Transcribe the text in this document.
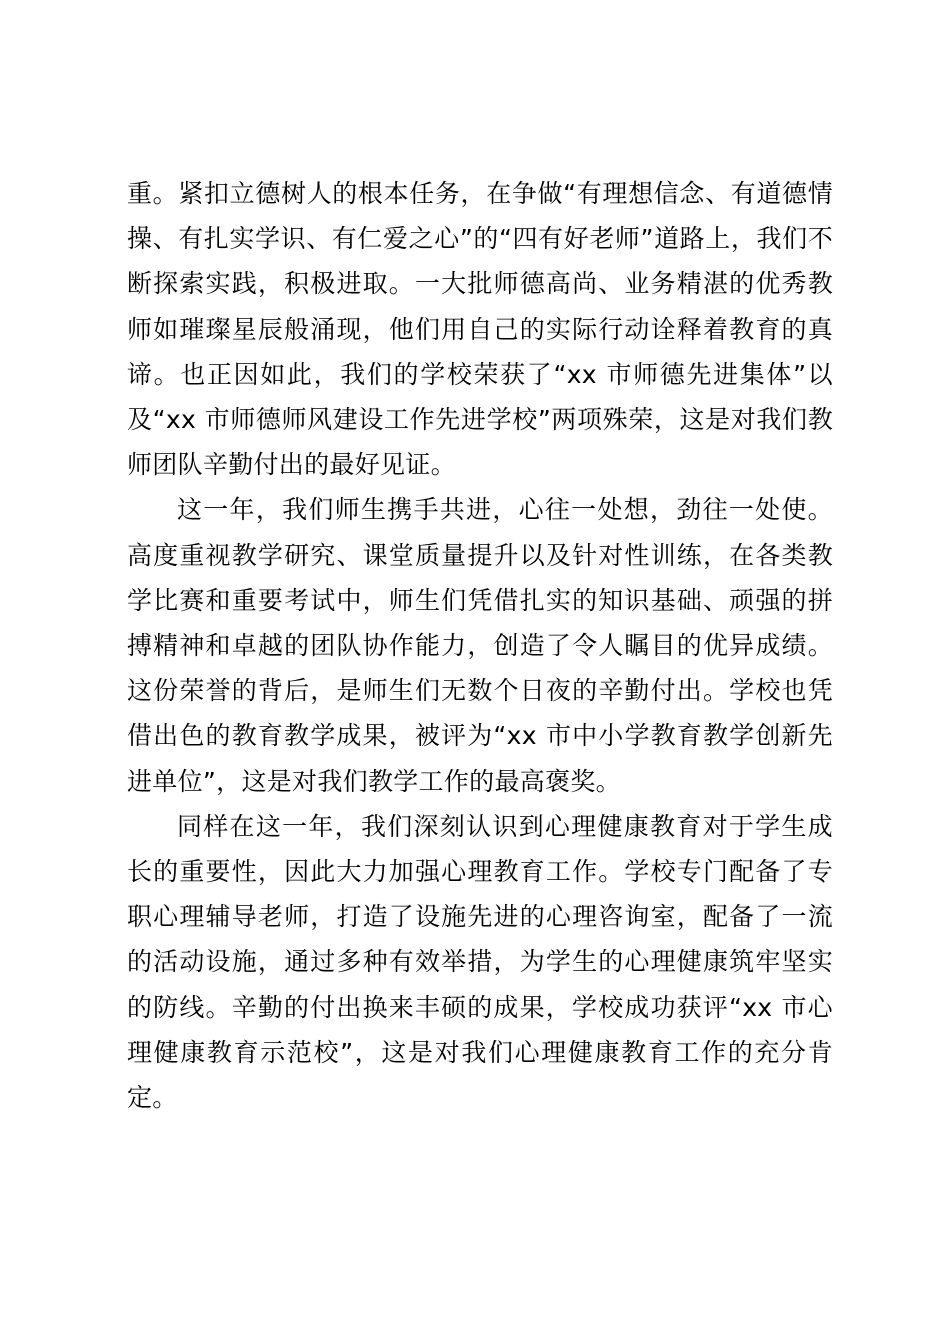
重。紧扣立德树人的根本任务，在争做“有理想信念、有道德情操、有扎实学识、有仁爱之心”的“四有好老师”道路上，我们不断探索实践，积极进取。一大批师德高尚、业务精湛的优秀教师如璀璨星辰般涌现，他们用自己的实际行动诠释着教育的真谛。也正因如此，我们的学校荣获了“xx 市师德先进集体”以及“xx 市师德师风建设工作先进学校”两项殊荣，这是对我们教师团队辛勤付出的最好见证。

这一年，我们师生携手共进，心往一处想，劲往一处使。高度重视教学研究、课堂质量提升以及针对性训练，在各类教学比赛和重要考试中，师生们凭借扎实的知识基础、顽强的拼搏精神和卓越的团队协作能力，创造了令人瞩目的优异成绩。这份荣誉的背后，是师生们无数个日夜的辛勤付出。学校也凭借出色的教育教学成果，被评为“xx 市中小学教育教学创新先进单位”，这是对我们教学工作的最高褒奖。

同样在这一年，我们深刻认识到心理健康教育对于学生成长的重要性，因此大力加强心理教育工作。学校专门配备了专职心理辅导老师，打造了设施先进的心理咨询室，配备了一流的活动设施，通过多种有效举措，为学生的心理健康筑牢坚实的防线。辛勤的付出换来丰硕的成果，学校成功获评“xx 市心理健康教育示范校”，这是对我们心理健康教育工作的充分肯定。
